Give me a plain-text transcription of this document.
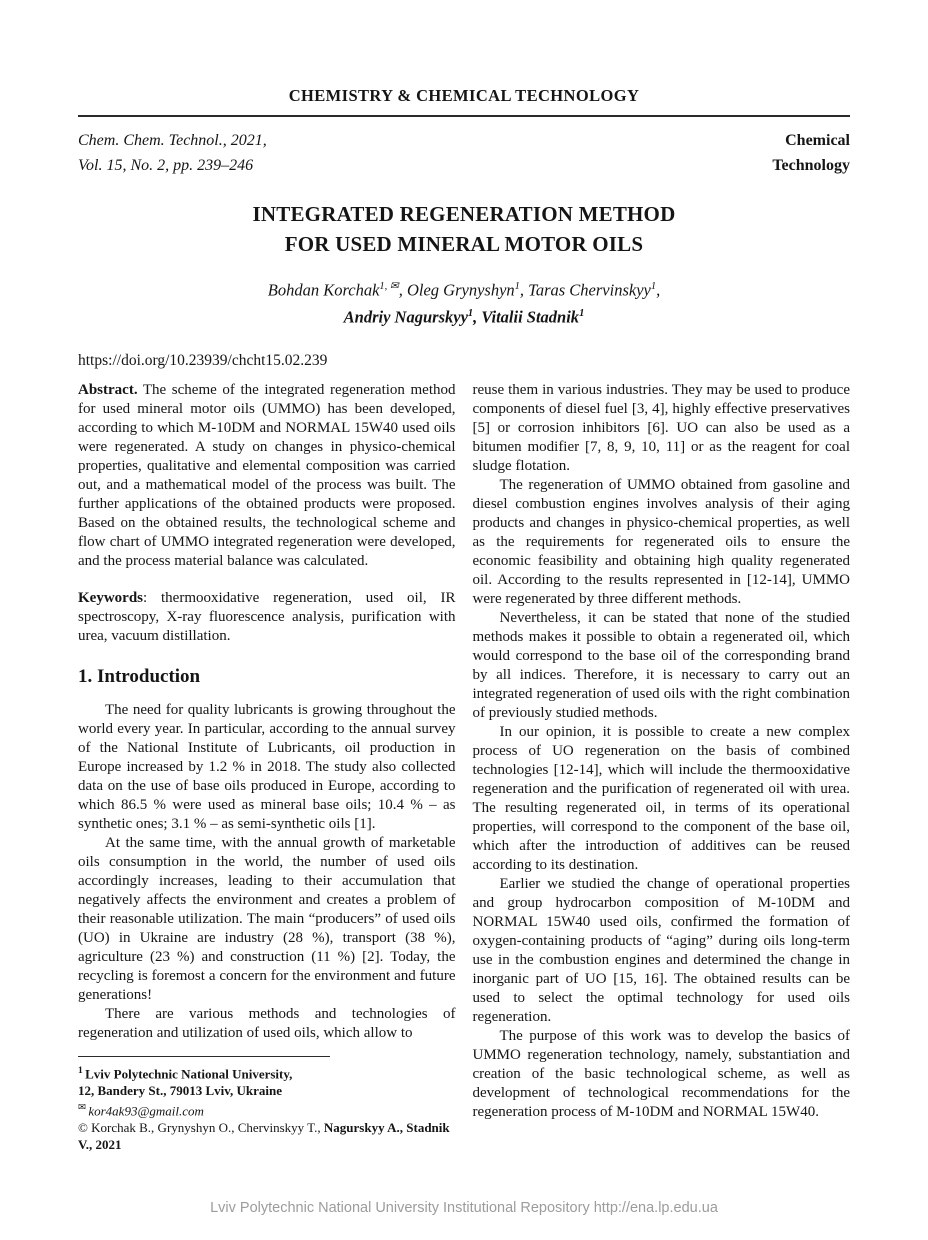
CHEMISTRY & CHEMICAL TECHNOLOGY
Chem. Chem. Technol., 2021,
Vol. 15, No. 2, pp. 239–246
Chemical
Technology
INTEGRATED REGENERATION METHOD
FOR USED MINERAL MOTOR OILS
Bohdan Korchak$^{1, ✉}$, Oleg Grynyshyn$^1$, Taras Chervinskyy$^1$,
Andriy Nagurskyy$^1$, Vitalii Stadnik$^1$
https://doi.org/10.23939/chcht15.02.239

Abstract. The scheme of the integrated regeneration method for used mineral motor oils (UMMO) has been developed, according to which M-10DM and NORMAL 15W40 used oils were regenerated. A study on changes in physico-chemical properties, qualitative and elemental composition was carried out, and a mathematical model of the process was built. The further applications of the obtained products were proposed. Based on the obtained results, the technological scheme and flow chart of UMMO integrated regeneration were developed, and the process material balance was calculated.

Keywords: thermooxidative regeneration, used oil, IR spectroscopy, X-ray fluorescence analysis, purification with urea, vacuum distillation.

1. Introduction

The need for quality lubricants is growing throughout the world every year. In particular, according to the annual survey of the National Institute of Lubricants, oil production in Europe increased by 1.2 % in 2018. The study also collected data on the use of base oils produced in Europe, according to which 86.5 % were used as mineral base oils; 10.4 % – as synthetic ones; 3.1 % – as semi-synthetic oils [1].

At the same time, with the annual growth of marketable oils consumption in the world, the number of used oils accordingly increases, leading to their accumulation that negatively affects the environment and creates a problem of their reasonable utilization. The main “producers” of used oils (UO) in Ukraine are industry (28 %), transport (38 %), agriculture (23 %) and construction (11 %) [2]. Today, the recycling is foremost a concern for the environment and future generations!

There are various methods and technologies of regeneration and utilization of used oils, which allow to

$^1$ Lviv Polytechnic National University,

12, Bandery St., 79013 Lviv, Ukraine

✉ kor4ak93@gmail.com

© Korchak B., Grynyshyn O., Chervinskyy T., Nagurskyy A., Stadnik V., 2021

reuse them in various industries. They may be used to produce components of diesel fuel [3, 4], highly effective preservatives [5] or corrosion inhibitors [6]. UO can also be used as a bitumen modifier [7, 8, 9, 10, 11] or as the reagent for coal sludge flotation.

The regeneration of UMMO obtained from gasoline and diesel combustion engines involves analysis of their aging products and changes in physico-chemical properties, as well as the requirements for regenerated oils to ensure the economic feasibility and obtaining high quality regenerated oil. According to the results represented in [12-14], UMMO were regenerated by three different methods.

Nevertheless, it can be stated that none of the studied methods makes it possible to obtain a regenerated oil, which would correspond to the base oil of the corresponding brand by all indices. Therefore, it is necessary to carry out an integrated regeneration of used oils with the right combination of previously studied methods.

In our opinion, it is possible to create a new complex process of UO regeneration on the basis of combined technologies [12-14], which will include the thermooxidative regeneration and the purification of regenerated oil with urea. The resulting regenerated oil, in terms of its operational properties, will correspond to the component of the base oil, which after the introduction of additives can be reused according to its destination.

Earlier we studied the change of operational properties and group hydrocarbon composition of M-10DM and NORMAL 15W40 used oils, confirmed the formation of oxygen-containing products of “aging” during oils long-term use in the combustion engines and determined the change in inorganic part of UO [15, 16]. The obtained results can be used to select the optimal technology for used oils regeneration.

The purpose of this work was to develop the basics of UMMO regeneration technology, namely, substantiation and creation of the basic technological scheme, as well as development of technological recommendations for the regeneration process of M-10DM and NORMAL 15W40.

Lviv Polytechnic National University Institutional Repository http://ena.lp.edu.ua
